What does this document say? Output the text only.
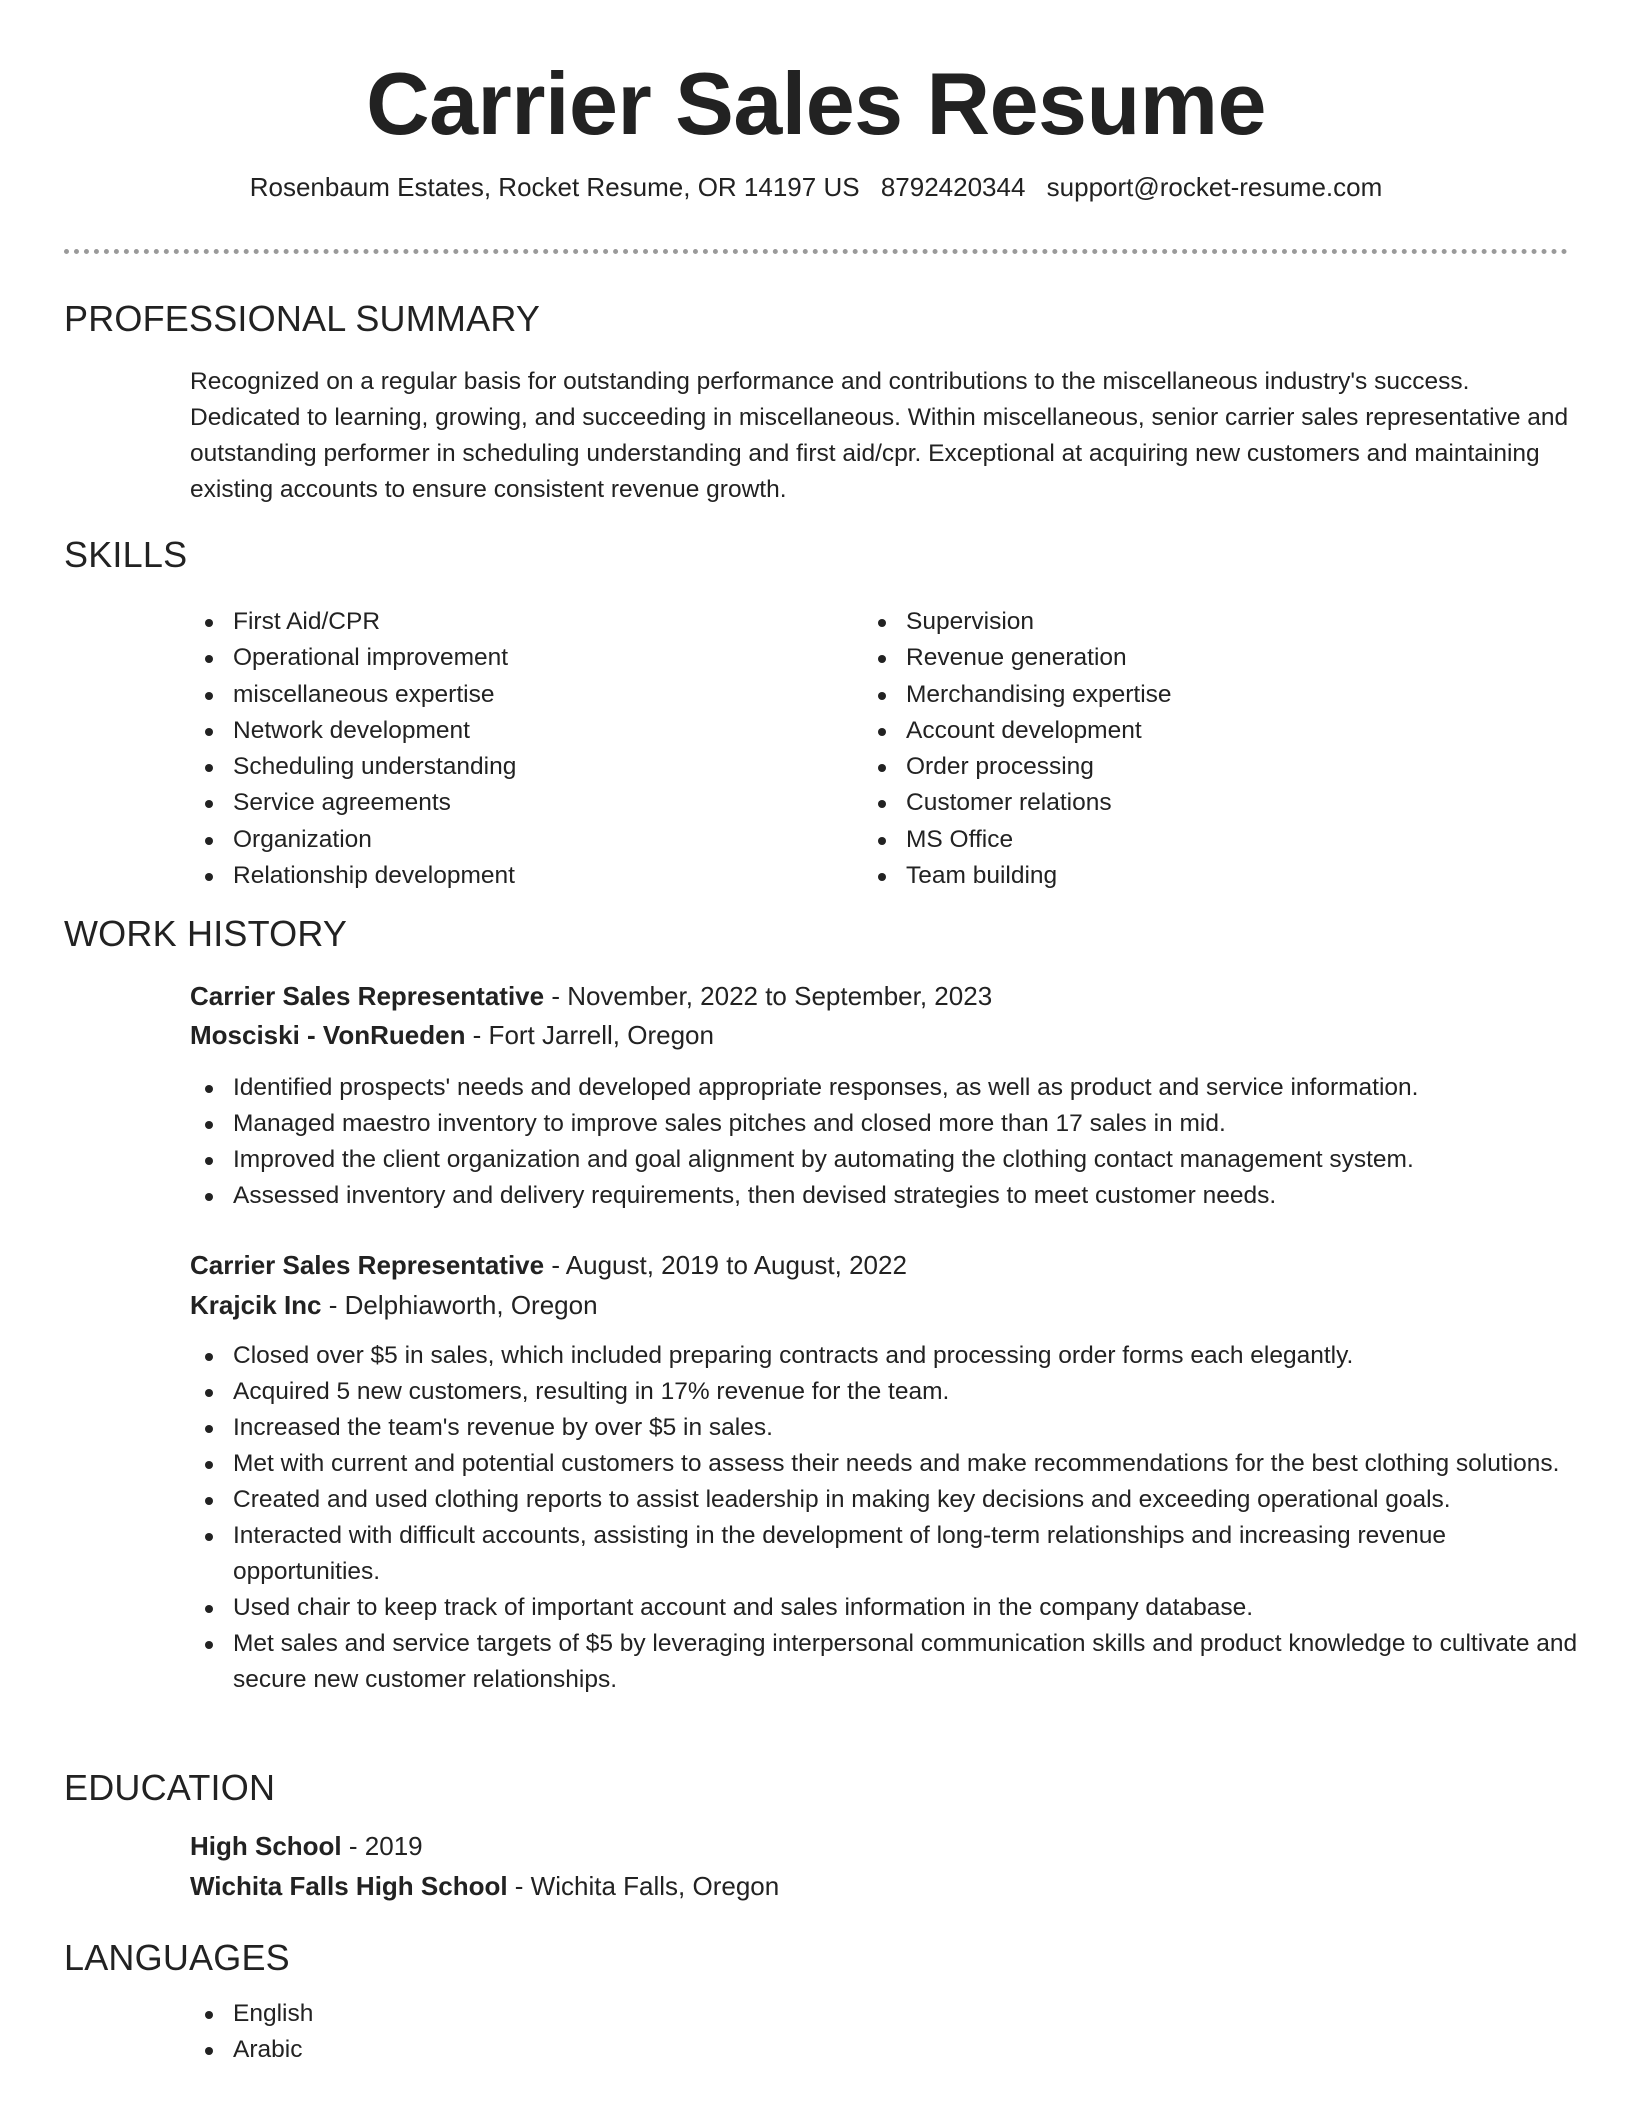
Carrier Sales Resume
Rosenbaum Estates, Rocket Resume, OR 14197 US 8792420344 support@rocket-resume.com
PROFESSIONAL SUMMARY

Recognized on a regular basis for outstanding performance and contributions to the miscellaneous industry's success. Dedicated to learning, growing, and succeeding in miscellaneous. Within miscellaneous, senior carrier sales representative and outstanding performer in scheduling understanding and first aid/cpr. Exceptional at acquiring new customers and maintaining existing accounts to ensure consistent revenue growth.

SKILLS
First Aid/CPR
Operational improvement
miscellaneous expertise
Network development
Scheduling understanding
Service agreements
Organization
Relationship development
Supervision
Revenue generation
Merchandising expertise
Account development
Order processing
Customer relations
MS Office
Team building
WORK HISTORY
Carrier Sales Representative - November, 2022 to September, 2023
Mosciski - VonRueden - Fort Jarrell, Oregon
Identified prospects' needs and developed appropriate responses, as well as product and service information.
Managed maestro inventory to improve sales pitches and closed more than 17 sales in mid.
Improved the client organization and goal alignment by automating the clothing contact management system.
Assessed inventory and delivery requirements, then devised strategies to meet customer needs.
Carrier Sales Representative - August, 2019 to August, 2022
Krajcik Inc - Delphiaworth, Oregon
Closed over $5 in sales, which included preparing contracts and processing order forms each elegantly.
Acquired 5 new customers, resulting in 17% revenue for the team.
Increased the team's revenue by over $5 in sales.
Met with current and potential customers to assess their needs and make recommendations for the best clothing solutions.
Created and used clothing reports to assist leadership in making key decisions and exceeding operational goals.
Interacted with difficult accounts, assisting in the development of long-term relationships and increasing revenue opportunities.
Used chair to keep track of important account and sales information in the company database.
Met sales and service targets of $5 by leveraging interpersonal communication skills and product knowledge to cultivate and secure new customer relationships.
EDUCATION
High School - 2019
Wichita Falls High School - Wichita Falls, Oregon
LANGUAGES
English
Arabic
